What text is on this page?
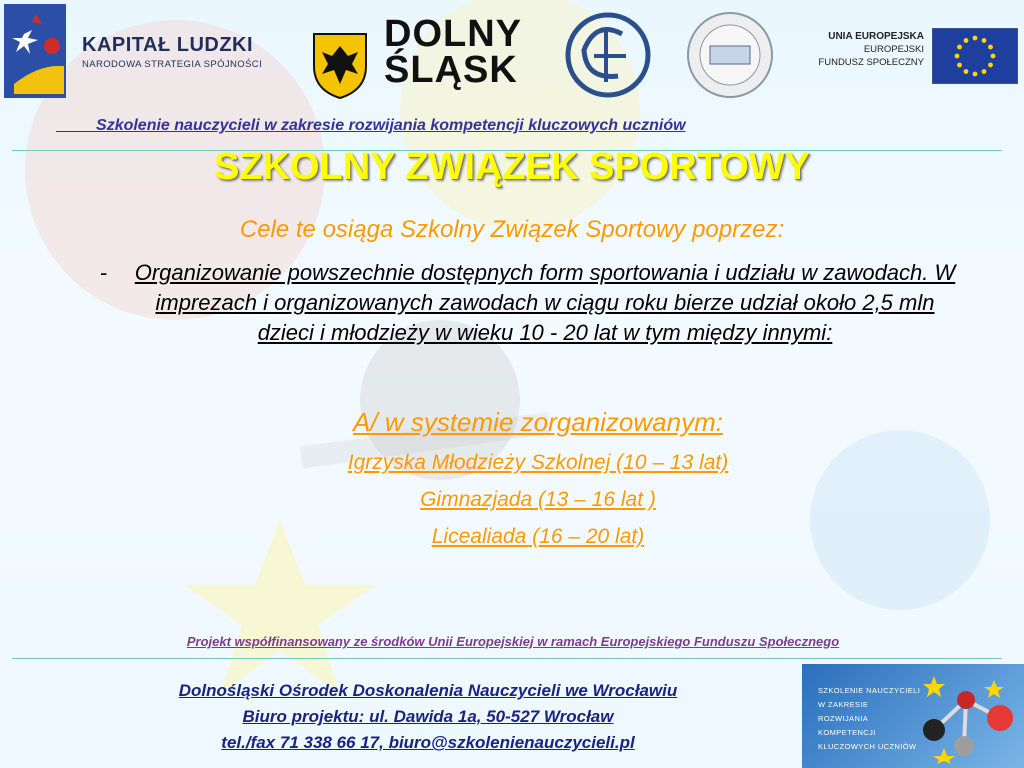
KAPITAŁ LUDZKI
NARODOWA STRATEGIA SPÓJNOŚCI
DOLNY
ŚLĄSK
UNIA EUROPEJSKA
EUROPEJSKI
FUNDUSZ SPOŁECZNY
Szkolenie nauczycieli w zakresie rozwijania kompetencji kluczowych uczniów
SZKOLNY ZWIĄZEK SPORTOWY
Cele te osiąga Szkolny Związek Sportowy poprzez:
- Organizowanie powszechnie dostępnych form sportowania i udziału w zawodach. W imprezach i organizowanych zawodach w ciągu roku bierze udział około 2,5 mln dzieci i młodzieży w wieku 10 - 20 lat w tym między innymi:
A/ w systemie zorganizowanym:
Igrzyska Młodzieży Szkolnej (10 – 13 lat)
Gimnazjada (13 – 16 lat )
Licealiada (16 – 20 lat)
Projekt współfinansowany ze środków Unii Europejskiej w ramach Europejskiego Funduszu Społecznego
Dolnośląski Ośrodek Doskonalenia Nauczycieli we Wrocławiu
Biuro projektu: ul. Dawida 1a, 50-527 Wrocław
tel./fax 71 338 66 17, biuro@szkolenienauczycieli.pl
SZKOLENIE NAUCZYCIELI
W ZAKRESIE
ROZWIJANIA
KOMPETENCJI
KLUCZOWYCH UCZNIÓW
